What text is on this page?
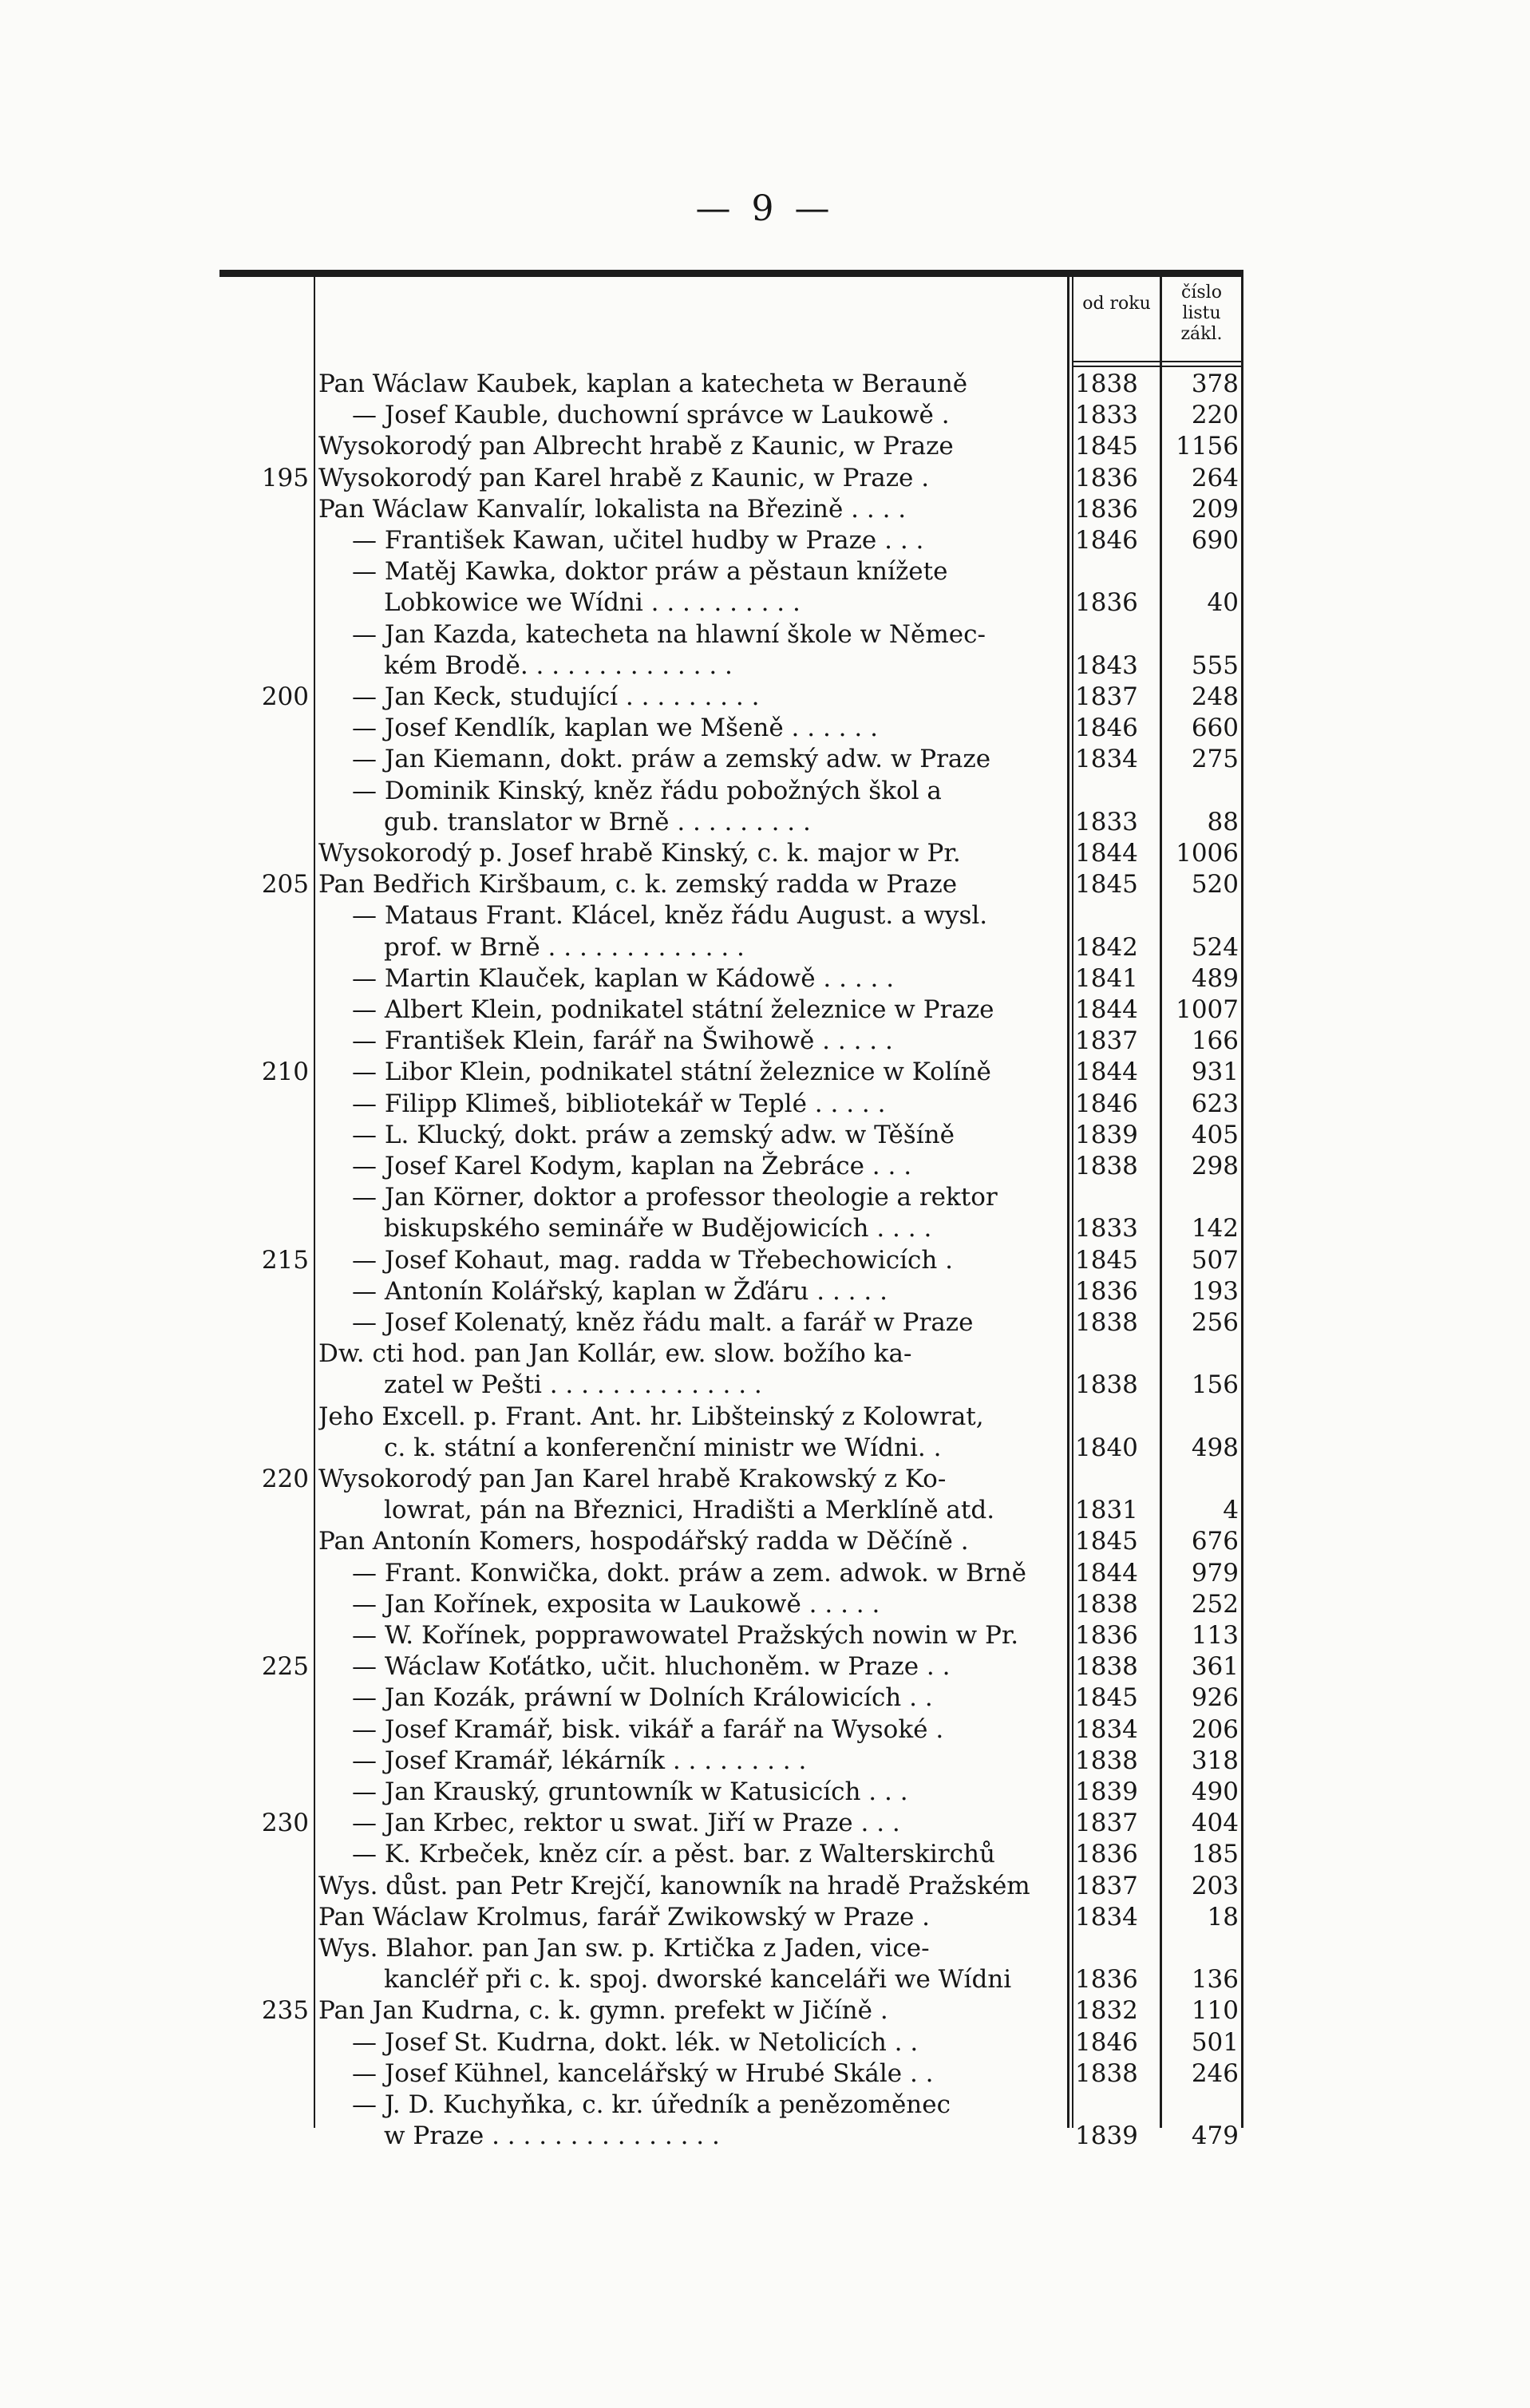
— 9 —
od roku
číslo listu zákl.
Pan Wáclaw Kaubek, kaplan a katecheta w Berauně	1838	378
— Josef Kauble, duchowní správce w Laukowě .	1833	220
Wysokorodý pan Albrecht hrabě z Kaunic, w Praze	1845	1156
195 Wysokorodý pan Karel hrabě z Kaunic, w Praze .	1836	264
Pan Wáclaw Kanvalír, lokalista na Březině . . . .	1836	209
— František Kawan, učitel hudby w Praze . . .	1846	690
— Matěj Kawka, doktor práw a pěstaun knížete
Lobkowice we Wídni . . . . . . . . . .	1836	40
— Jan Kazda, katecheta na hlawní škole w Němec-
kém Brodě. . . . . . . . . . . . . .	1843	555
200 — Jan Keck, studující . . . . . . . . .	1837	248
— Josef Kendlík, kaplan we Mšeně . . . . . .	1846	660
— Jan Kiemann, dokt. práw a zemský adw. w Praze	1834	275
— Dominik Kinský, kněz řádu pobožných škol a
gub. translator w Brně . . . . . . . . .	1833	88
Wysokorodý p. Josef hrabě Kinský, c. k. major w Pr.	1844	1006
205 Pan Bedřich Kiršbaum, c. k. zemský radda w Praze	1845	520
— Mataus Frant. Klácel, kněz řádu August. a wysl.
prof. w Brně . . . . . . . . . . . . .	1842	524
— Martin Klauček, kaplan w Kádowě . . . . .	1841	489
— Albert Klein, podnikatel státní železnice w Praze	1844	1007
— František Klein, farář na Šwihowě . . . . .	1837	166
210 — Libor Klein, podnikatel státní železnice w Kolíně	1844	931
— Filipp Klimeš, bibliotekář w Teplé . . . . .	1846	623
— L. Klucký, dokt. práw a zemský adw. w Těšíně	1839	405
— Josef Karel Kodym, kaplan na Žebráce . . .	1838	298
— Jan Körner, doktor a professor theologie a rektor
biskupského semináře w Budějowicích . . . .	1833	142
215 — Josef Kohaut, mag. radda w Třebechowicích .	1845	507
— Antonín Kolářský, kaplan w Žďáru . . . . .	1836	193
— Josef Kolenatý, kněz řádu malt. a farář w Praze	1838	256
Dw. cti hod. pan Jan Kollár, ew. slow. božího ka-
zatel w Pešti . . . . . . . . . . . . . .	1838	156
Jeho Excell. p. Frant. Ant. hr. Libšteinský z Kolowrat,
c. k. státní a konferenční ministr we Wídni. .	1840	498
220 Wysokorodý pan Jan Karel hrabě Krakowský z Ko-
lowrat, pán na Březnici, Hradišti a Merklíně atd.	1831	4
Pan Antonín Komers, hospodářský radda w Děčíně .	1845	676
— Frant. Konwička, dokt. práw a zem. adwok. w Brně	1844	979
— Jan Kořínek, exposita w Laukowě . . . . .	1838	252
— W. Kořínek, popprawowatel Pražských nowin w Pr.	1836	113
225 — Wáclaw Koťátko, učit. hluchoněm. w Praze . .	1838	361
— Jan Kozák, práwní w Dolních Králowicích . .	1845	926
— Josef Kramář, bisk. vikář a farář na Wysoké .	1834	206
— Josef Kramář, lékárník . . . . . . . . .	1838	318
— Jan Krauský, gruntowník w Katusicích . . .	1839	490
230 — Jan Krbec, rektor u swat. Jiří w Praze . . .	1837	404
— K. Krbeček, kněz cír. a pěst. bar. z Walterskirchů	1836	185
Wys. důst. pan Petr Krejčí, kanowník na hradě Pražském	1837	203
Pan Wáclaw Krolmus, farář Zwikowský w Praze .	1834	18
Wys. Blahor. pan Jan sw. p. Krtička z Jaden, vice-
kancléř při c. k. spoj. dworské kanceláři we Wídni	1836	136
235 Pan Jan Kudrna, c. k. gymn. prefekt w Jičíně .	1832	110
— Josef St. Kudrna, dokt. lék. w Netolicích . .	1846	501
— Josef Kühnel, kancelářský w Hrubé Skále . .	1838	246
— J. D. Kuchyňka, c. kr. úředník a penězoměnec
w Praze . . . . . . . . . . . . . . .	1839	479
